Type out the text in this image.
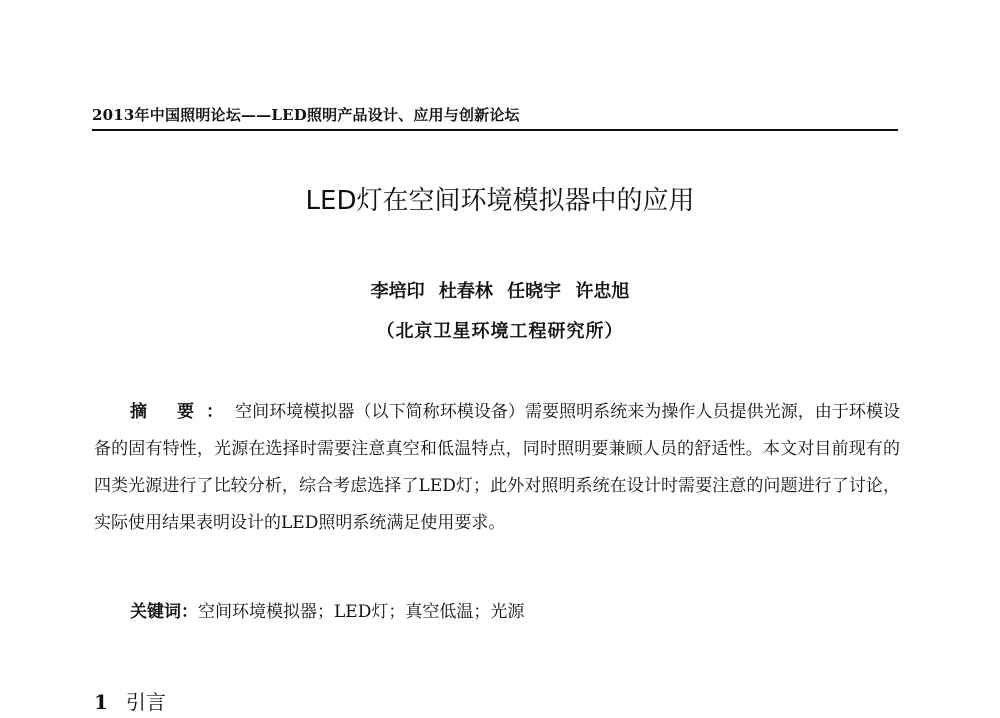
2013年中国照明论坛——LED照明产品设计、应用与创新论坛
LED灯在空间环境模拟器中的应用
李培印 杜春林 任晓宇 许忠旭
（北京卫星环境工程研究所）
摘 要：空间环境模拟器（以下简称环模设备）需要照明系统来为操作人员提供光源，由于环模设备的固有特性，光源在选择时需要注意真空和低温特点，同时照明要兼顾人员的舒适性。本文对目前现有的四类光源进行了比较分析，综合考虑选择了LED灯；此外对照明系统在设计时需要注意的问题进行了讨论，实际使用结果表明设计的LED照明系统满足使用要求。
关键词：空间环境模拟器；LED灯；真空低温；光源
1 引言
